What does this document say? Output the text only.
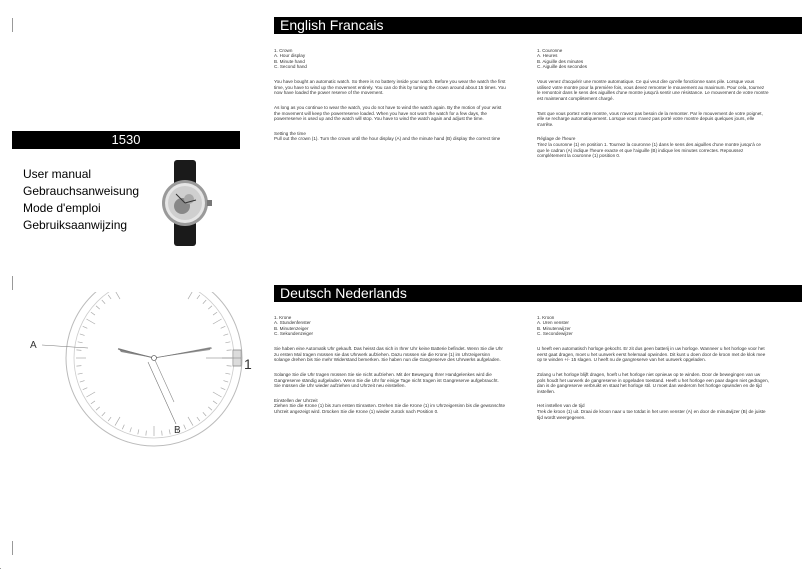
English Francais
1530
User manual
Gebrauchsanweisung
Mode d'emploi
Gebruiksaanwijzing

1. Crown
A. Hour display
B. Minute hand
C. Second hand

You have bought an automatic watch. So there is no battery inside your watch. Before you wear the watch the first time, you have to wind up the movement entirely. You can do this by turning the crown around about 15 times. You now have loaded the power reserve of the movement.

As long as you continue to wear the watch, you do not have to wind the watch again. By the motion of your wrist the movement will keep the powerreserve loaded. When you have not worn the watch for a few days, the powerreserve is used up and the watch will stop. You have to wind the watch again and adjust the time.

Setting the time
Pull out the crown (1). Turn the crown until the hour display (A) and the minute hand (B) display the correct time

1. Couronne
A. Heures
B. Aiguille des minutes
C. Aiguille des secondes

Vous venez d'acquérir une montre automatique. Ce qui veut dire qu'elle fonctionne sans pile. Lorsque vous utilisez votre montre pour la première fois, vous devez remonter le mouvement au maximum. Pour cela, tournez le remontoir dans le sens des aiguilles d'une montre jusqu'à sentir une résistance. Le mouvement de votre montre est maintenant complètement chargé.

Tant que vous portez votre montre, vous n'avez pas besoin de la remonter. Par le mouvement de votre poignet, elle se recharge automatiquement. Lorsque vous n'avez pas porté votre montre depuis quelques jours, elle s'arrête.

Réglage de l'heure
Tirez la couronne (1) en position 1. Tournez la couronne (1) dans le sens des aiguilles d'une montre jusqu'à ce que le cadran (A) indique l'heure exacte et que l'aiguille (B) indique les minutes correctes. Repoussez complètement la couronne (1) position 0.

Deutsch Nederlands

1. Krone
A. Stundenfenster
B. Minutenzeiger
C. Sekundenzeiger

Sie haben eine Automatik Uhr gekauft. Das heisst das sich in Ihrer Uhr keine Batterie befindet. Wenn Sie die Uhr zu ersten Mal tragen müssen sie das Uhrwerk aufziehen. Dazu müssen sie die Krone (1) im Uhrzeigersinn solange drehen bis Sie mehr Widerstand bemerken. Sie haben nun die Gangreserve des Uhrwerks aufgeladen.

Solange Sie die Uhr tragen müssen Sie sie nicht aufziehen. Mit der Bewegung Ihrer Handgelenkes wird die Gangreserve ständig aufgeladen. Wenn Sie die Uhr für einige Tage nicht tragen ist Gangreserve aufgebraucht.
Sie müssen die Uhr wieder aufziehen und Uhrzeit neu einstellen.

Einstellen der Uhrzeit
Ziehen Sie die Krone (1) bis zum ersten Einrasten. Drehen Sie die Krone (1) im Uhrzeigersinn bis die gewünschte Uhrzeit angezeigt wird. Drücken Sie die Krone (1) wieder zurück nach Position 0.

1. Kroon
A. Uren venster
B. Minutenwijzer
C. Secondewijzer

U heeft een automatisch horloge gekocht. Er zit dus geen batterij in uw horloge. Wanneer u het horloge voor het eerst gaat dragen, moet u het uurwerk eerst helemaal opwinden. Dit kunt u doen door de kroon met de klok mee op te winden +/- 15 slagen. U heeft nu de gangreserve van het uurwerk opgeladen.

Zolang u het horloge blijft dragen, hoeft u het horloge niet opnieuw op te winden. Door de bewegingen van uw pols houdt het uurwerk de gangreserve in opgeladen toestand. Heeft u het horloge een paar dagen niet gedragen, dan is de gangreserve verbruikt en staat het horloge stil. U moet dan wederom het horloge opwinden en de tijd instellen.

Het instellen van de tijd
Trek de kroon (1) uit. Draai de kroon naar u toe totdat in het uren venster (A) en door de minutwijzer (B) de juiste tijd wordt weergegeven.

A
B
1
